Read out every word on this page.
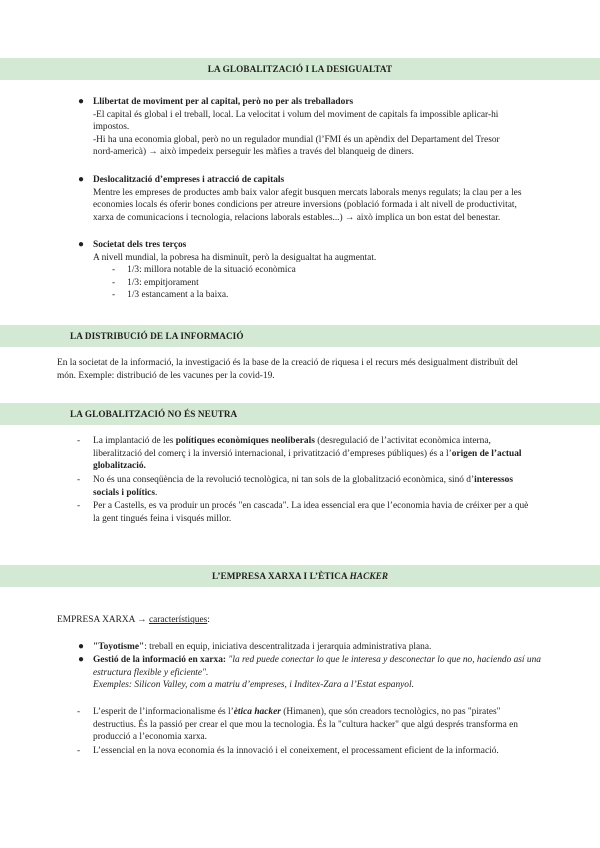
LA GLOBALITZACIÓ I LA DESIGUALTAT
● Llibertat de moviment per al capital, però no per als treballadors

-El capital és global i el treball, local. La velocitat i volum del moviment de capitals fa impossible aplicar-hi

impostos.

-Hi ha una economia global, però no un regulador mundial (l’FMI és un apèndix del Departament del Tresor

nord-americà) → això impedeix perseguir les màfies a través del blanqueig de diners.

● Deslocalització d’empreses i atracció de capitals

Mentre les empreses de productes amb baix valor afegit busquen mercats laborals menys regulats; la clau per a les

economies locals és oferir bones condicions per atreure inversions (població formada i alt nivell de productivitat,

xarxa de comunicacions i tecnologia, relacions laborals estables...) → això implica un bon estat del benestar.

● Societat dels tres terços

A nivell mundial, la pobresa ha disminuït, però la desigualtat ha augmentat.

- 1/3: millora notable de la situació econòmica

- 1/3: empitjorament

- 1/3 estancament a la baixa.

LA DISTRIBUCIÓ DE LA INFORMACIÓ

En la societat de la informació, la investigació és la base de la creació de riquesa i el recurs més desigualment distribuït del

món. Exemple: distribució de les vacunes per la covid-19.

LA GLOBALITZACIÓ NO ÉS NEUTRA
- La implantació de les polítiques econòmiques neoliberals (desregulació de l’activitat econòmica interna,

liberalització del comerç i la inversió internacional, i privatització d’empreses públiques) és a l’origen de l’actual

globalització.

- No és una conseqüència de la revolució tecnològica, ni tan sols de la globalització econòmica, sinó d’interessos

socials i polítics.

- Per a Castells, es va produir un procés "en cascada". La idea essencial era que l’economia havia de créixer per a què

la gent tingués feina i visqués millor.

L’EMPRESA XARXA I L’ÈTICA HACKER

EMPRESA XARXA → característiques:

● "Toyotisme": treball en equip, iniciativa descentralitzada i jerarquia administrativa plana.

● Gestió de la informació en xarxa: "la red puede conectar lo que le interesa y desconectar lo que no, haciendo así una

estructura flexible y eficiente".

Exemples: Silicon Valley, com a matriu d’empreses, i Inditex-Zara a l’Estat espanyol.

- L’esperit de l’informacionalisme és l’ètica hacker (Himanen), que són creadors tecnològics, no pas "pirates"

destructius. És la passió per crear el que mou la tecnologia. És la "cultura hacker" que algú després transforma en

producció a l’economia xarxa.

- L’essencial en la nova economia és la innovació i el coneixement, el processament eficient de la informació.
